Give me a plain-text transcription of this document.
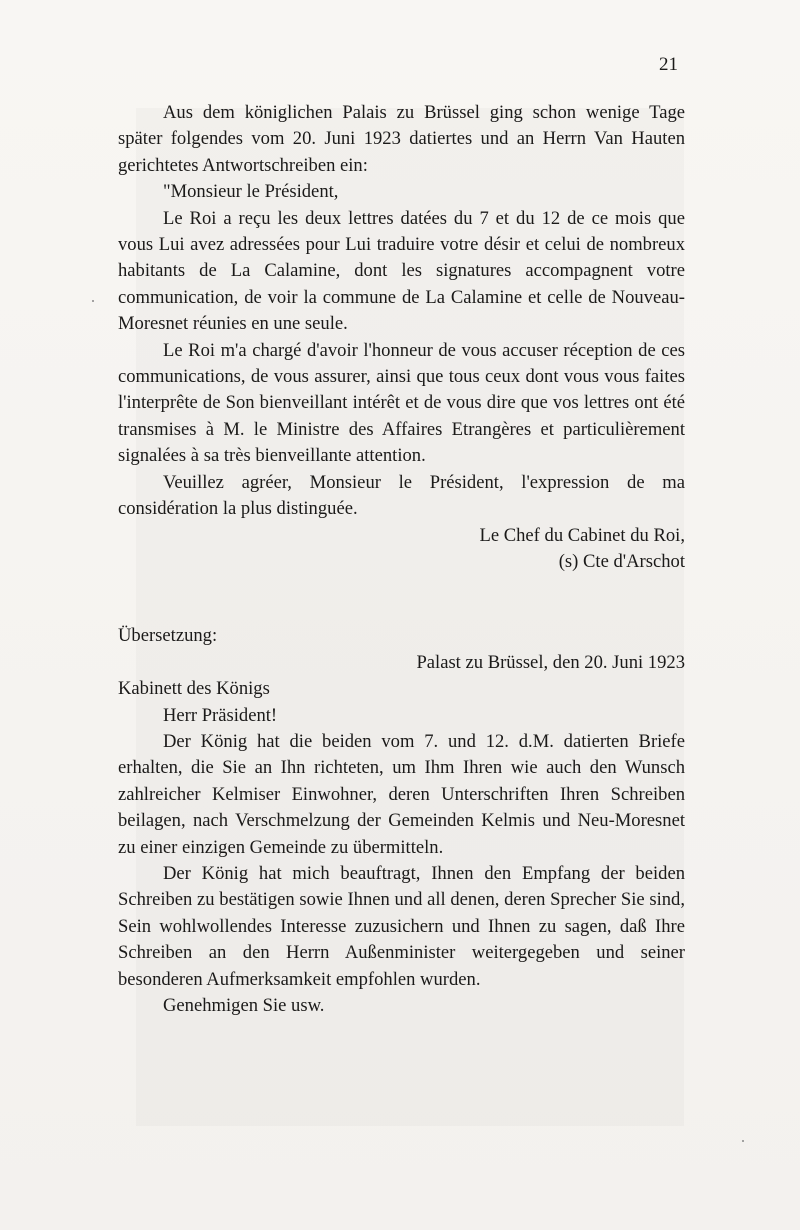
21

Aus dem königlichen Palais zu Brüssel ging schon wenige Tage später folgendes vom 20. Juni 1923 datiertes und an Herrn Van Hauten gerichtetes Antwortschreiben ein:

"Monsieur le Président,

Le Roi a reçu les deux lettres datées du 7 et du 12 de ce mois que vous Lui avez adressées pour Lui traduire votre désir et celui de nombreux habitants de La Calamine, dont les signatures accompagnent votre communication, de voir la commune de La Calamine et celle de Nouveau-Moresnet réunies en une seule.

Le Roi m'a chargé d'avoir l'honneur de vous accuser réception de ces communications, de vous assurer, ainsi que tous ceux dont vous vous faites l'interprête de Son bienveillant intérêt et de vous dire que vos lettres ont été transmises à M. le Ministre des Affaires Etrangères et particulièrement signalées à sa très bienveillante attention.

Veuillez agréer, Monsieur le Président, l'expression de ma considération la plus distinguée.

Le Chef du Cabinet du Roi,

(s) Cte d'Arschot

Übersetzung:

Palast zu Brüssel, den 20. Juni 1923

Kabinett des Königs

Herr Präsident!

Der König hat die beiden vom 7. und 12. d.M. datierten Briefe erhalten, die Sie an Ihn richteten, um Ihm Ihren wie auch den Wunsch zahlreicher Kelmiser Einwohner, deren Unterschriften Ihren Schreiben beilagen, nach Verschmelzung der Gemeinden Kelmis und Neu-Moresnet zu einer einzigen Gemeinde zu übermitteln.

Der König hat mich beauftragt, Ihnen den Empfang der beiden Schreiben zu bestätigen sowie Ihnen und all denen, deren Sprecher Sie sind, Sein wohlwollendes Interesse zuzusichern und Ihnen zu sagen, daß Ihre Schreiben an den Herrn Außenminister weitergegeben und seiner besonderen Aufmerksamkeit empfohlen wurden.

Genehmigen Sie usw.
